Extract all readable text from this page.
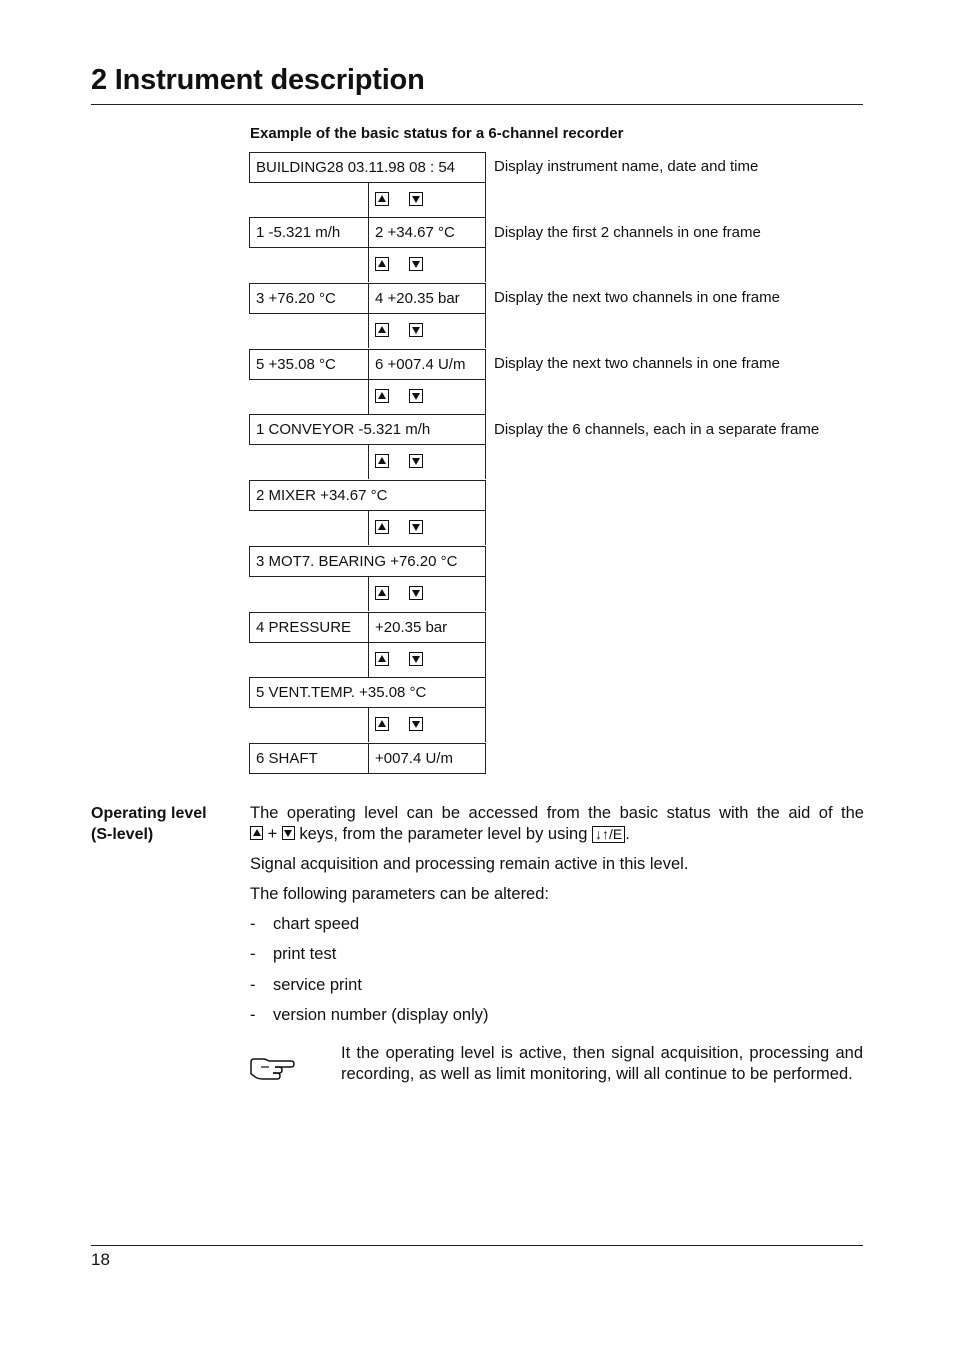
2 Instrument description
Example of the basic status for a 6-channel recorder
BUILDING28 03.11.98 08 : 54	Display instrument name, date and time
1 -5.321 m/h	2 +34.67 °C	Display the first 2 channels in one frame
3 +76.20 °C	4 +20.35 bar Display the next two channels in one frame
5 +35.08 °C	6 +007.4 U/m Display the next two channels in one frame
1 CONVEYOR -5.321 m/h	Display the 6 channels, each in a separate frame
2 MIXER +34.67 °C
3 MOT7. BEARING +76.20 °C
4 PRESSURE	+20.35 bar
5 VENT.TEMP. +35.08 °C
6 SHAFT	+007.4 U/m
Operating level
(S-level)
The operating level can be accessed from the basic status with the aid of the
+ keys, from the parameter level by using ↓↑/E .
Signal acquisition and processing remain active in this level.
The following parameters can be altered:
- chart speed
- print test
- service print
- version number (display only)
It the operating level is active, then signal acquisition, processing and recording, as well as limit monitoring, will all continue to be performed.
18
